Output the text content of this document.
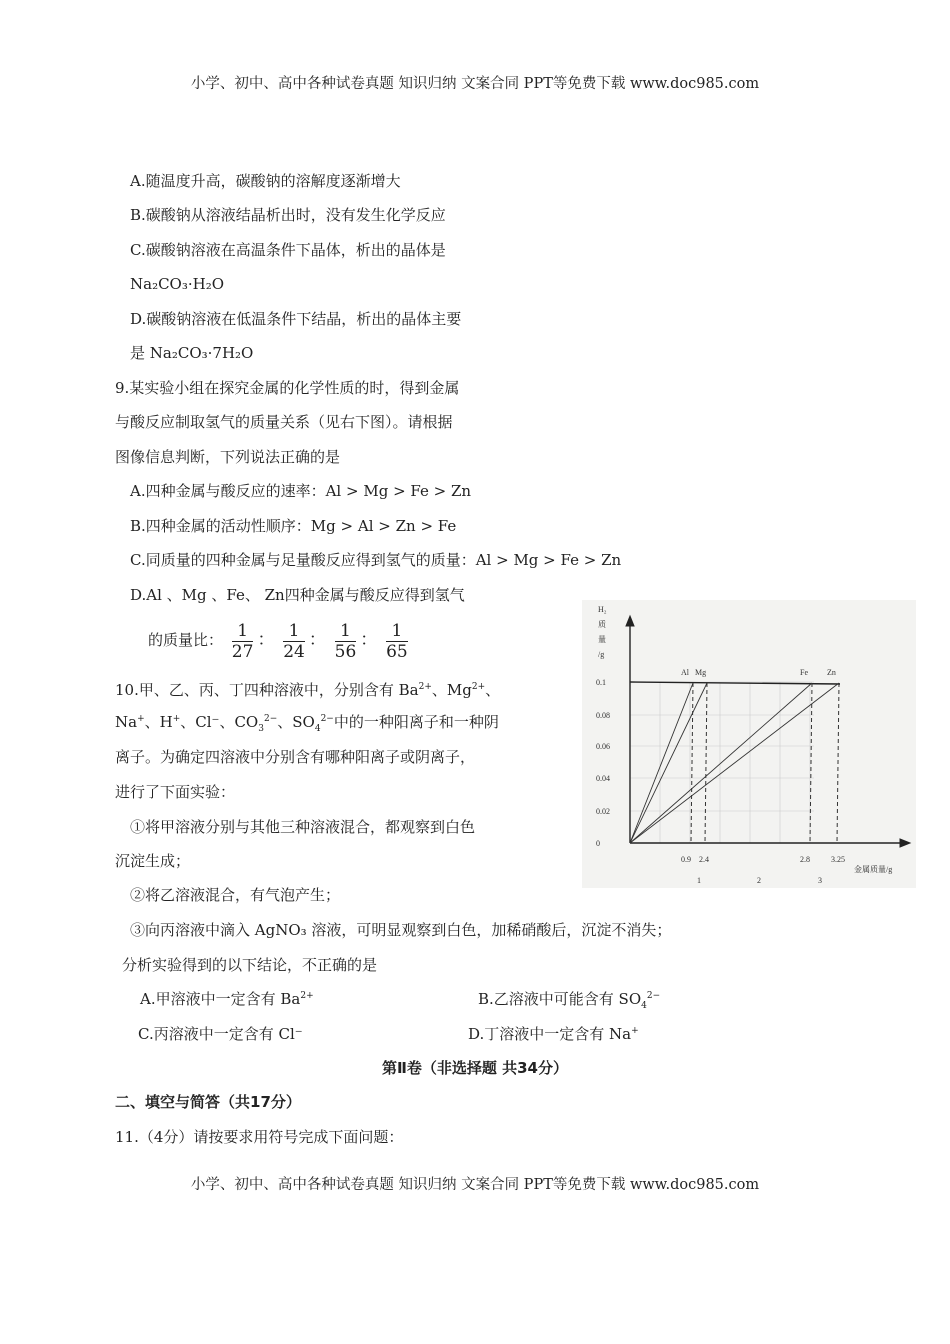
小学、初中、高中各种试卷真题 知识归纳 文案合同 PPT等免费下载 www.doc985.com
A.随温度升高，碳酸钠的溶解度逐渐增大
B.碳酸钠从溶液结晶析出时，没有发生化学反应
C.碳酸钠溶液在高温条件下晶体，析出的晶体是
Na₂CO₃·H₂O
D.碳酸钠溶液在低温条件下结晶，析出的晶体主要
是 Na₂CO₃·7H₂O
9.某实验小组在探究金属的化学性质的时，得到金属
与酸反应制取氢气的质量关系（见右下图）。请根据
图像信息判断，下列说法正确的是
A.四种金属与酸反应的速率：Al > Mg > Fe > Zn
B.四种金属的活动性顺序：Mg > Al > Zn > Fe
C.同质量的四种金属与足量酸反应得到氢气的质量：Al > Mg > Fe > Zn
D.Al 、Mg 、Fe、 Zn四种金属与酸反应得到氢气
的质量比： $\frac{1}{27}$ ： $\frac{1}{24}$ ： $\frac{1}{56}$ ： $\frac{1}{65}$
Al
0.9
Mg
2.4
Fe
2.8
Zn
3.25
0.1
0.08
0.06
0.04
0.02
0
1	2	3
H₂
质
量
/g
金属质量/g
10.甲、乙、丙、丁四种溶液中，分别含有 $Ba^{2+}$、$Mg^{2+}$、
Na+、H+、Cl⁻、$CO_3^{2-}$、$SO_4^{2-}$中的一种阳离子和一种阴
离子。为确定四溶液中分别含有哪种阳离子或阴离子，
进行了下面实验：
①将甲溶液分别与其他三种溶液混合，都观察到白色
沉淀生成；
②将乙溶液混合，有气泡产生；
③向丙溶液中滴入 AgNO₃ 溶液，可明显观察到白色，加稀硝酸后，沉淀不消失；
分析实验得到的以下结论，不正确的是
A.甲溶液中一定含有 $Ba^{2+}$	B.乙溶液中可能含有 $SO_4^{2-}$
C.丙溶液中一定含有 Cl⁻	D.丁溶液中一定含有 Na+
第Ⅱ卷（非选择题 共34分）
二、填空与简答（共17分）
11.（4分）请按要求用符号完成下面问题：
小学、初中、高中各种试卷真题 知识归纳 文案合同 PPT等免费下载 www.doc985.com
